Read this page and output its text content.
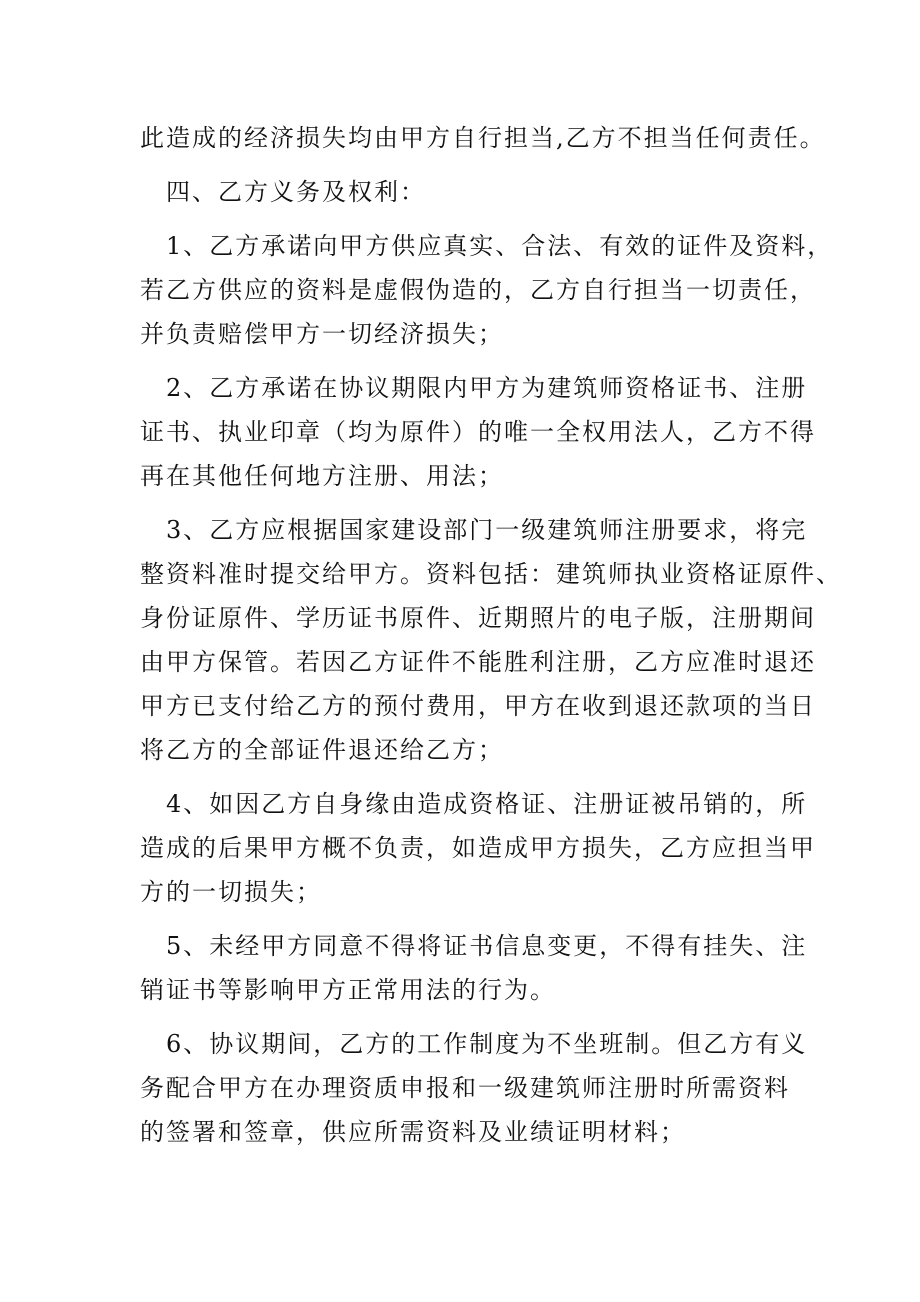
此造成的经济损失均由甲方自行担当,乙方不担当任何责任。
四、乙方义务及权利：
1、乙方承诺向甲方供应真实、合法、有效的证件及资料，
若乙方供应的资料是虚假伪造的，乙方自行担当一切责任，
并负责赔偿甲方一切经济损失；
2、乙方承诺在协议期限内甲方为建筑师资格证书、注册
证书、执业印章（均为原件）的唯一全权用法人，乙方不得
再在其他任何地方注册、用法；
3、乙方应根据国家建设部门一级建筑师注册要求，将完
整资料准时提交给甲方。资料包括：建筑师执业资格证原件、
身份证原件、学历证书原件、近期照片的电子版，注册期间
由甲方保管。若因乙方证件不能胜利注册，乙方应准时退还
甲方已支付给乙方的预付费用，甲方在收到退还款项的当日
将乙方的全部证件退还给乙方；
4、如因乙方自身缘由造成资格证、注册证被吊销的，所
造成的后果甲方概不负责，如造成甲方损失，乙方应担当甲
方的一切损失；
5、未经甲方同意不得将证书信息变更，不得有挂失、注
销证书等影响甲方正常用法的行为。
6、协议期间，乙方的工作制度为不坐班制。但乙方有义
务配合甲方在办理资质申报和一级建筑师注册时所需资料
的签署和签章，供应所需资料及业绩证明材料；
